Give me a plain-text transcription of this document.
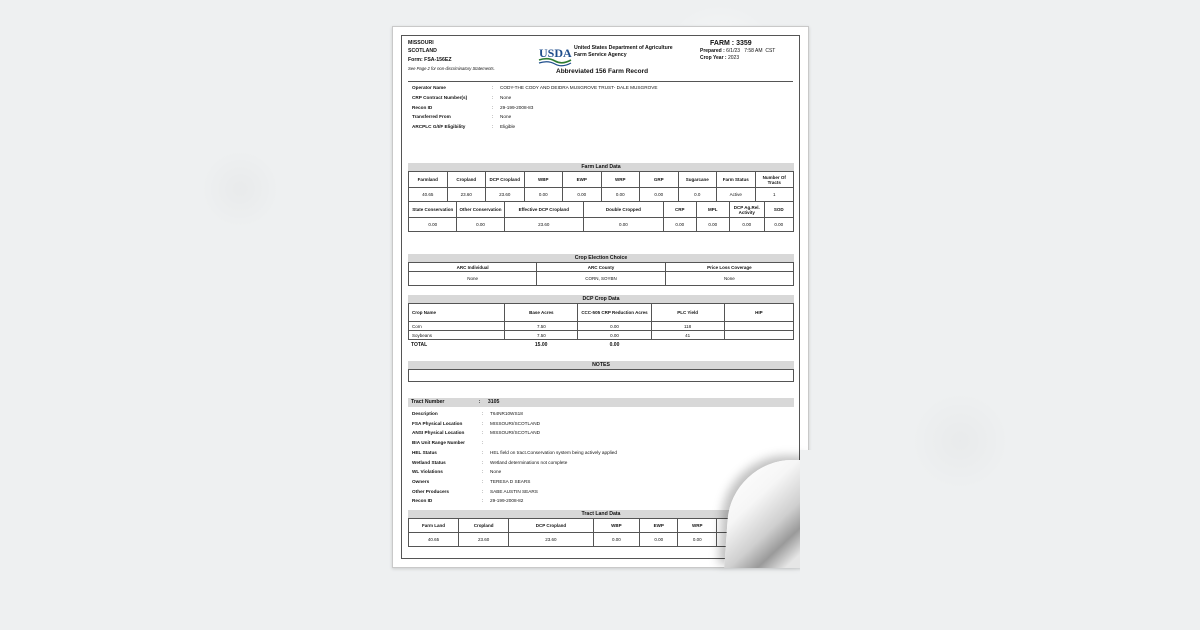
MISSOURI
SCOTLAND
Form: FSA-156EZ
See Page 2 for non-discriminatory Statements.
USDA United States Department of Agriculture
Farm Service Agency
Abbreviated 156 Farm Record
FARM : 3359
Prepared : 6/1/23 7:58 AM CST
Crop Year : 2023
Operator Name	: CODY-THE CODY AND DEIDRA MUSGROVE TRUST- DALE MUSGROVE
CRP Contract Number(s)	: None
Recon ID	: 29-199-2008-83
Transferred From	: None
ARCPLC G/I/F Eligibility	: Eligible
Farm Land Data
Farmland	Cropland	DCP Cropland	WBP	EWP	WRP	GRP	Sugarcane	Farm Status	Number Of Tracts
40.65	23.60	23.60	0.00	0.00	0.00	0.00	0.0	Active	1
State Conservation	Other Conservation	Effective DCP Cropland	Double Cropped	CRP	MPL	DCP Ag.Rel. Activity	SOD
0.00	0.00	23.60	0.00	0.00	0.00	0.00	0.00
Crop Election Choice
ARC Individual	ARC County	Price Loss Coverage
None	CORN, SOYBN	None
DCP Crop Data
Crop Name	Base Acres	CCC-505 CRP Reduction Acres	PLC Yield	HIP
Corn	7.50	0.00	118	
Soybeans	7.50	0.00	41	
TOTAL	15.00	0.00	
NOTES
Tract Number	: 3105
Description	: T64NR10WS18
FSA Physical Location	: MISSOURI/SCOTLAND
ANSI Physical Location	: MISSOURI/SCOTLAND
BIA Unit Range Number	:
HEL Status	: HEL field on tract.Conservation system being actively applied
Wetland Status	: Wetland determinations not complete
WL Violations	: None
Owners	: TERESA D SEARS
Other Producers	: SABE AUSTIN SEARS
Recon ID	: 29-199-2008-82
Tract Land Data
Farm Land	Cropland	DCP Cropland	WBP	EWP	WRP	
40.65	23.60	23.60	0.00	0.00	0.00	
